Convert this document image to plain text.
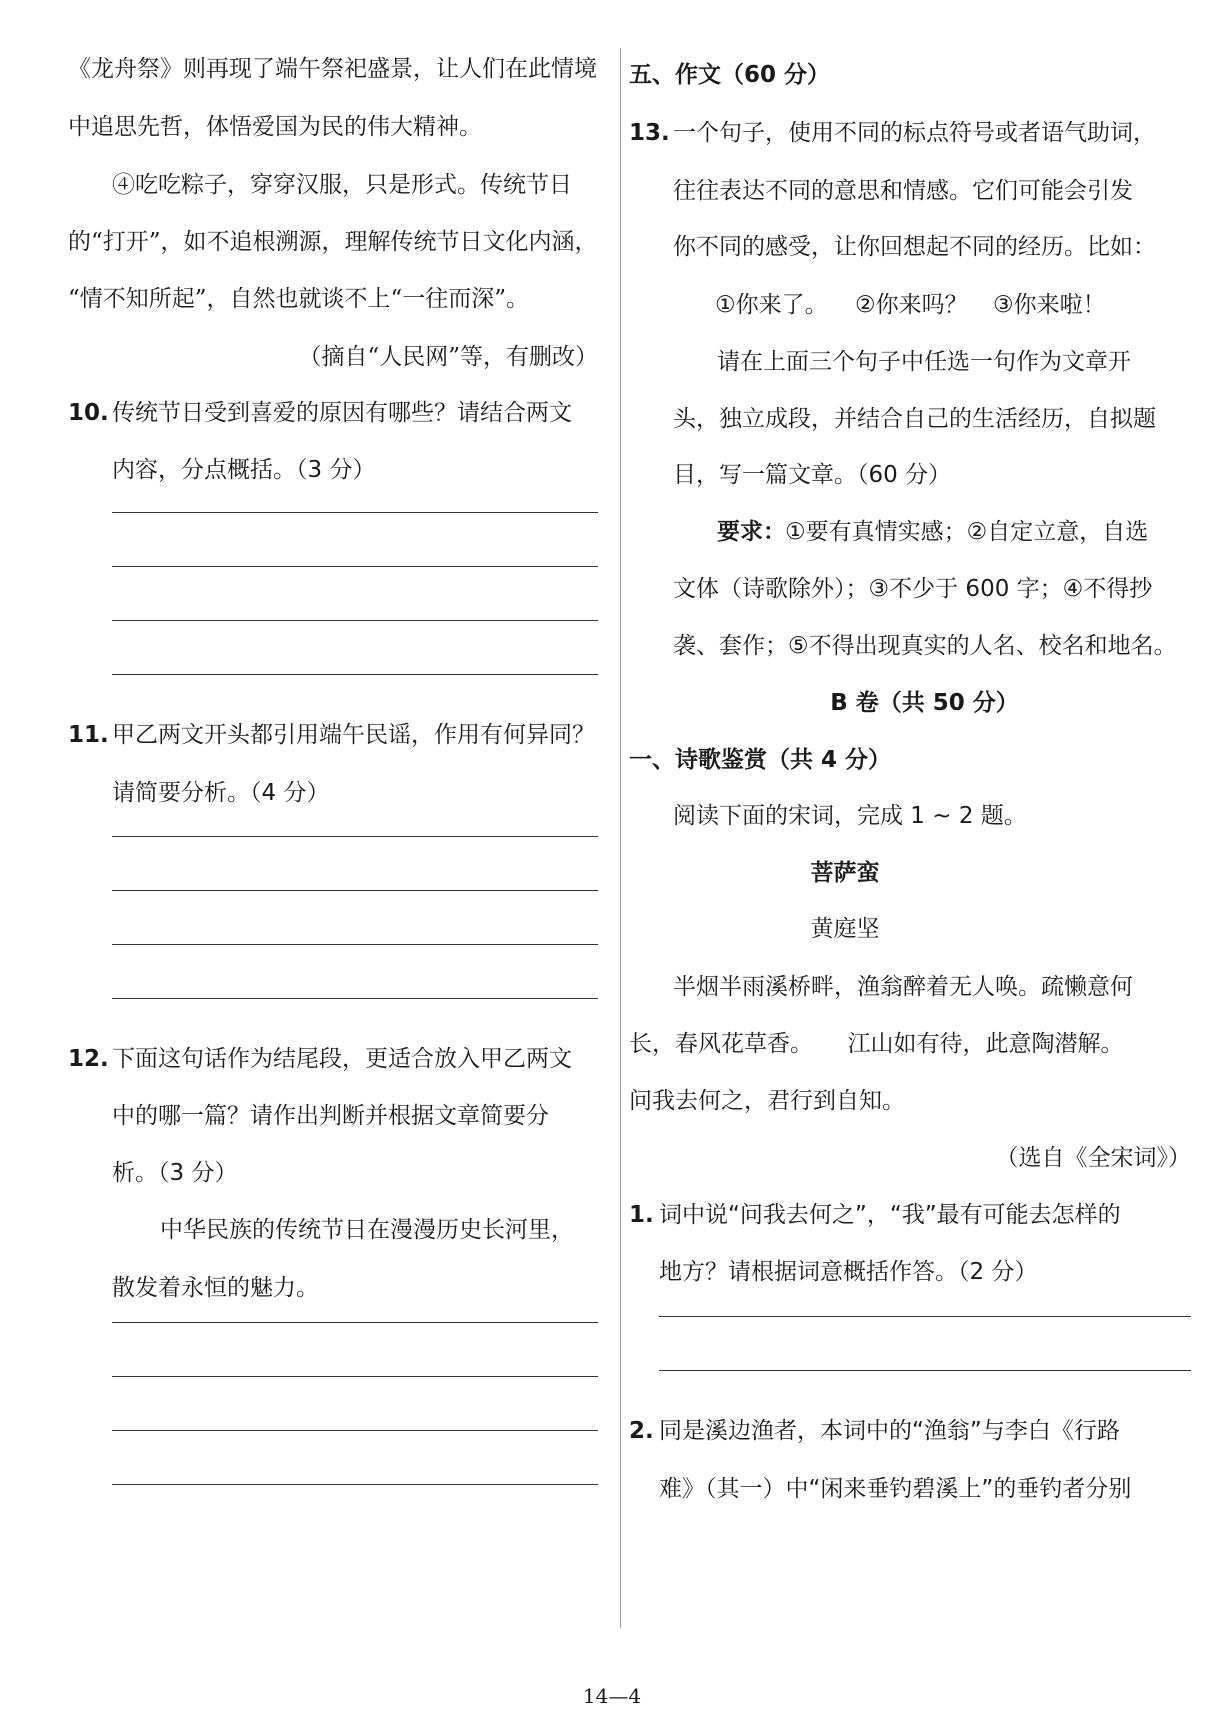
《龙舟祭》则再现了端午祭祀盛景，让人们在此情境
中追思先哲，体悟爱国为民的伟大精神。
④吃吃粽子，穿穿汉服，只是形式。传统节日
的“打开”，如不追根溯源，理解传统节日文化内涵，
“情不知所起”，自然也就谈不上“一往而深”。
（摘自“人民网”等，有删改）
10. 传统节日受到喜爱的原因有哪些？请结合两文
内容，分点概括。（3 分）
11. 甲乙两文开头都引用端午民谣，作用有何异同？
请简要分析。（4 分）
12. 下面这句话作为结尾段，更适合放入甲乙两文
中的哪一篇？请作出判断并根据文章简要分
析。（3 分）
中华民族的传统节日在漫漫历史长河里，
散发着永恒的魅力。
五、作文（60 分）
13. 一个句子，使用不同的标点符号或者语气助词，
往往表达不同的意思和情感。它们可能会引发
你不同的感受，让你回想起不同的经历。比如：
①你来了。 ②你来吗？ ③你来啦！
请在上面三个句子中任选一句作为文章开
头，独立成段，并结合自己的生活经历，自拟题
目，写一篇文章。（60 分）
要求： ①要有真情实感；②自定立意，自选
文体（诗歌除外）；③不少于 600 字；④不得抄
袭、套作；⑤不得出现真实的人名、校名和地名。
B 卷（共 50 分）
一、诗歌鉴赏（共 4 分）
阅读下面的宋词，完成 1 ~ 2 题。
菩萨蛮
黄庭坚
半烟半雨溪桥畔，渔翁醉着无人唤。疏懒意何
长，春风花草香。　　江山如有待，此意陶潜解。
问我去何之，君行到自知。
（选自《全宋词》）
1. 词中说“问我去何之”，“我”最有可能去怎样的
地方？请根据词意概括作答。（2 分）
2. 同是溪边渔者，本词中的“渔翁”与李白《行路
难》（其一）中“闲来垂钓碧溪上”的垂钓者分别
14—4
